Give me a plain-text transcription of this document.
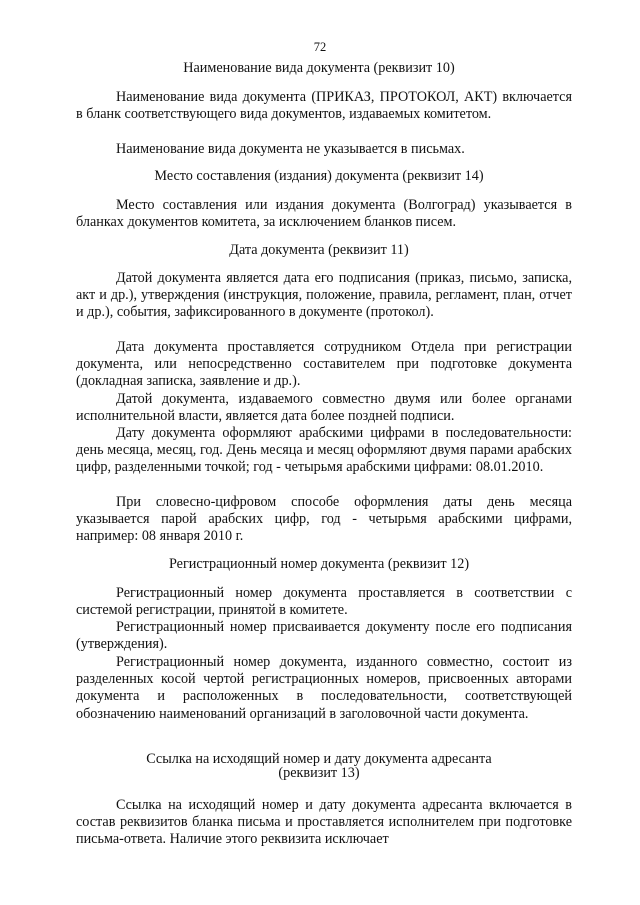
72
Наименование вида документа (реквизит 10)

Наименование вида документа (ПРИКАЗ, ПРОТОКОЛ, АКТ) включается в бланк соответствующего вида документов, издаваемых комитетом.

Наименование вида документа не указывается в письмах.

Место составления (издания) документа (реквизит 14)

Место составления или издания документа (Волгоград) указывается в бланках документов комитета, за исключением бланков писем.

Дата документа (реквизит 11)

Датой документа является дата его подписания (приказ, письмо, записка, акт и др.), утверждения (инструкция, положение, правила, регламент, план, отчет и др.), события, зафиксированного в документе (протокол).

Дата документа проставляется сотрудником Отдела при регистрации документа, или непосредственно составителем при подготовке документа (докладная записка, заявление и др.).

Датой документа, издаваемого совместно двумя или более органами исполнительной власти, является дата более поздней подписи.

Дату документа оформляют арабскими цифрами в последовательности: день месяца, месяц, год. День месяца и месяц оформляют двумя парами арабских цифр, разделенными точкой; год - четырьмя арабскими цифрами: 08.01.2010.

При словесно-цифровом способе оформления даты день месяца указывается парой арабских цифр, год - четырьмя арабскими цифрами, например: 08 января 2010 г.

Регистрационный номер документа (реквизит 12)

Регистрационный номер документа проставляется в соответствии с системой регистрации, принятой в комитете.

Регистрационный номер присваивается документу после его подписания (утверждения).

Регистрационный номер документа, изданного совместно, состоит из разделенных косой чертой регистрационных номеров, присвоенных авторами документа и расположенных в последовательности, соответствующей обозначению наименований организаций в заголовочной части документа.

Ссылка на исходящий номер и дату документа адресанта
(реквизит 13)

Ссылка на исходящий номер и дату документа адресанта включается в состав реквизитов бланка письма и проставляется исполнителем при подготовке письма-ответа. Наличие этого реквизита исключает
